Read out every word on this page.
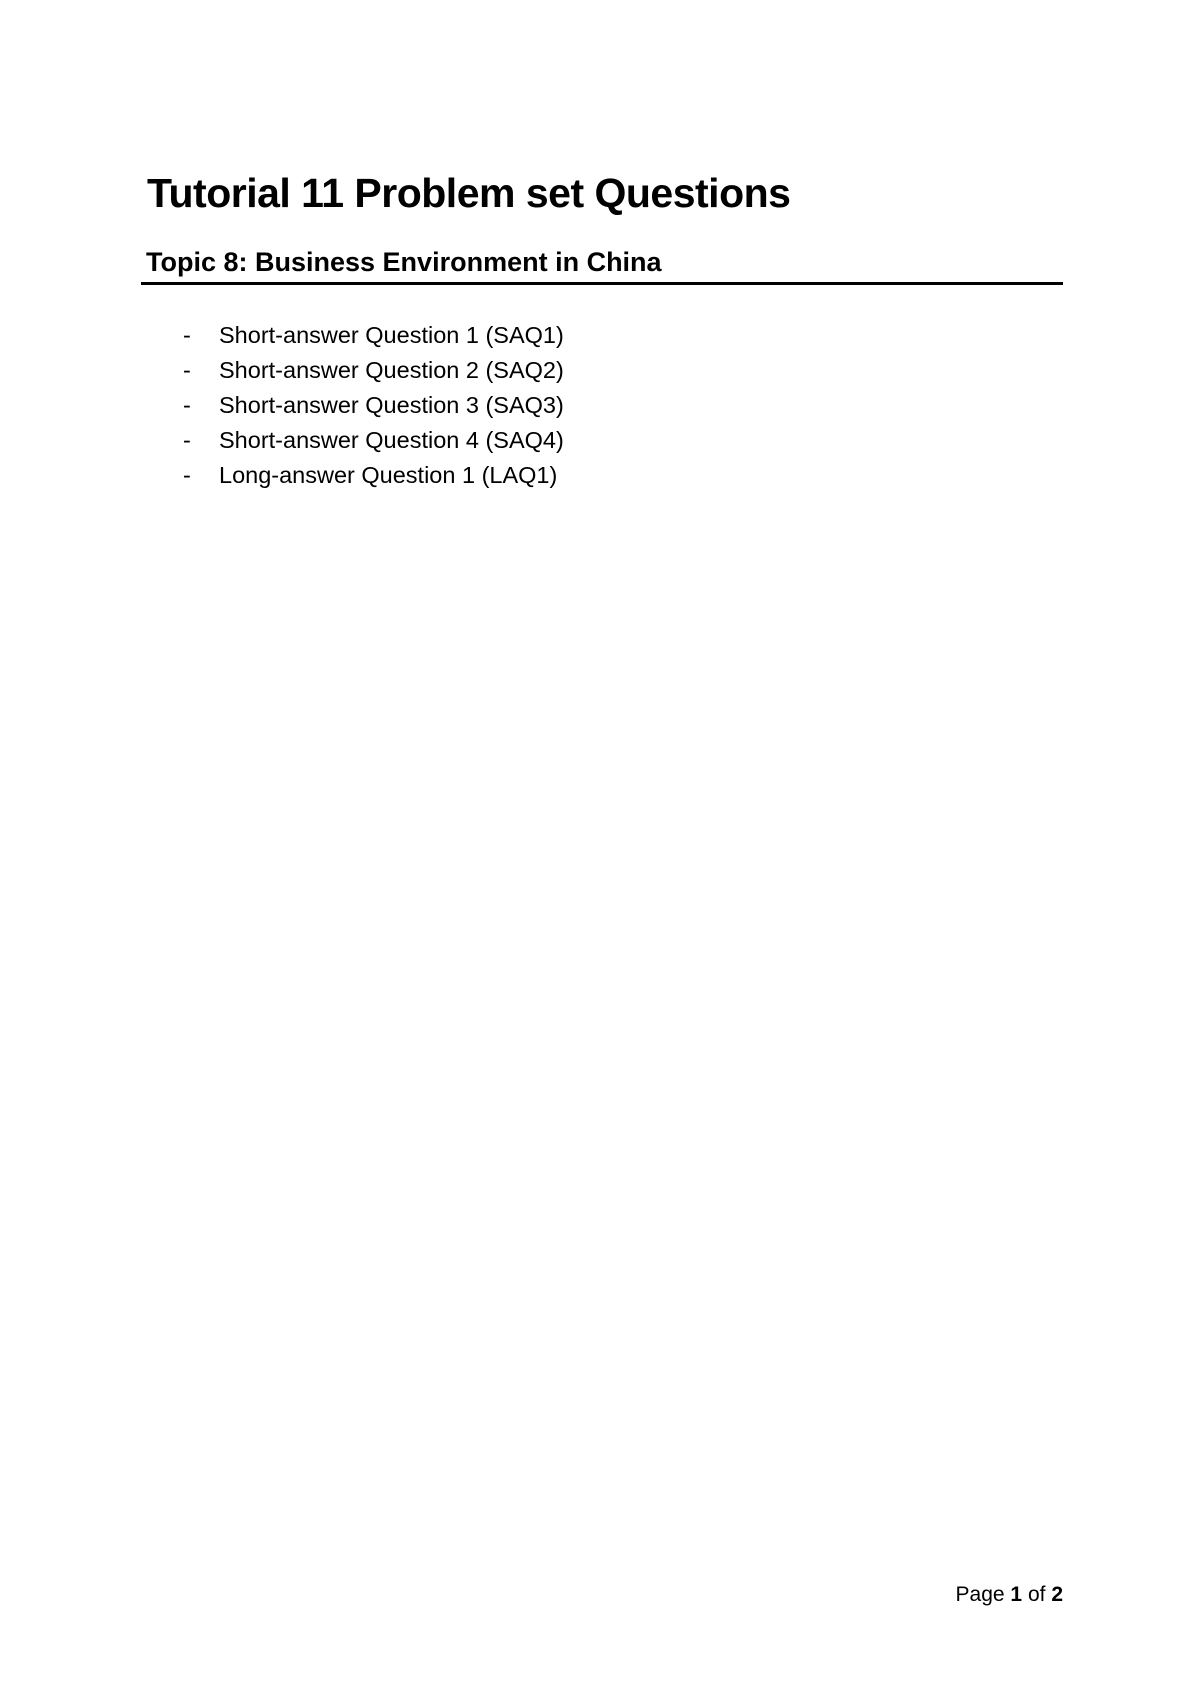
Tutorial 11 Problem set Questions
Topic 8: Business Environment in China
-	Short-answer Question 1 (SAQ1)
-	Short-answer Question 2 (SAQ2)
-	Short-answer Question 3 (SAQ3)
-	Short-answer Question 4 (SAQ4)
-	Long-answer Question 1 (LAQ1)
Page 1 of 2
